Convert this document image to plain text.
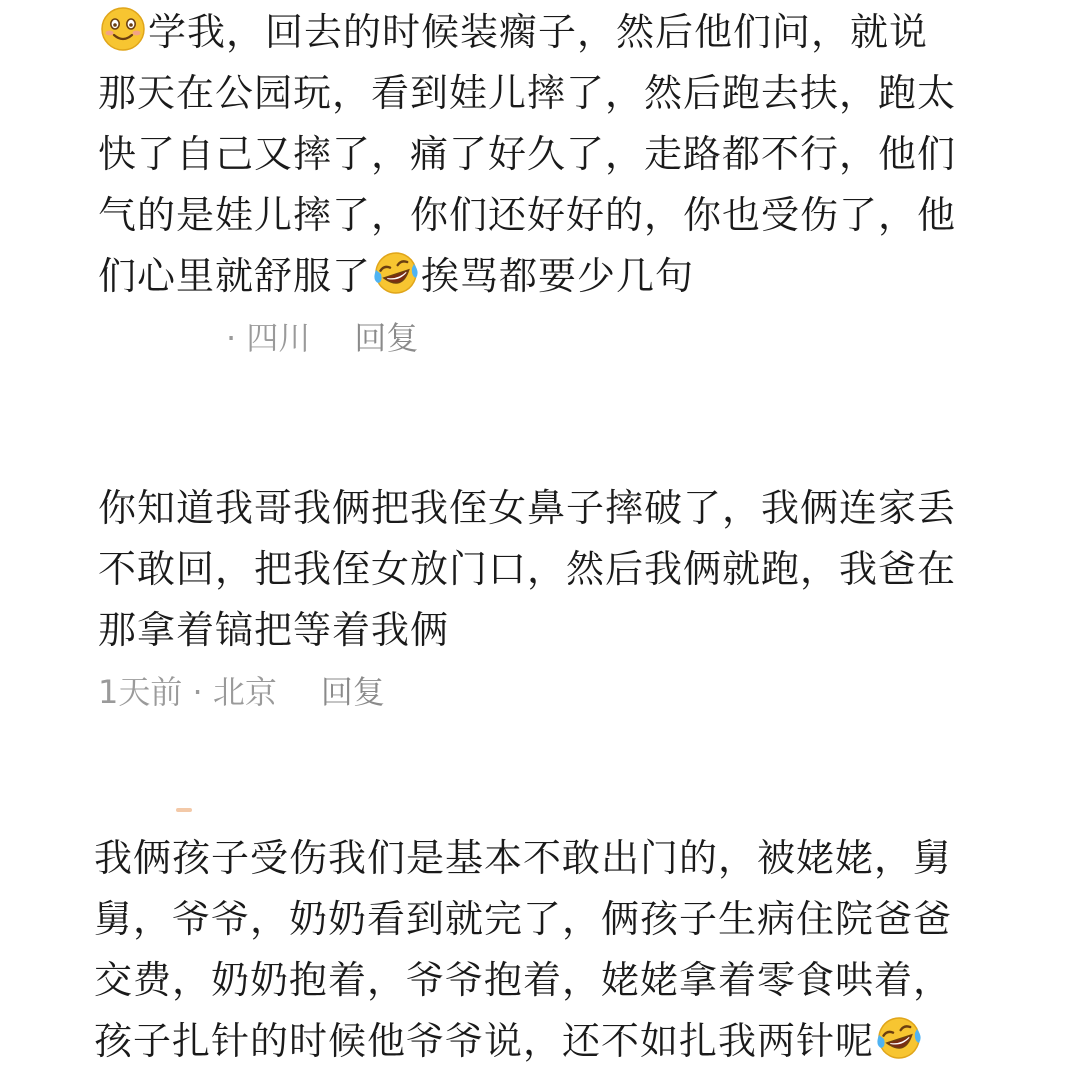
学我，回去的时候装瘸子，然后他们问，就说
那天在公园玩，看到娃儿摔了，然后跑去扶，跑太
快了自己又摔了，痛了好久了，走路都不行，他们
气的是娃儿摔了，你们还好好的，你也受伤了，他
们心里就舒服了 挨骂都要少几句
· 四川 回复
你知道我哥我俩把我侄女鼻子摔破了，我俩连家丢
不敢回，把我侄女放门口，然后我俩就跑，我爸在
那拿着镐把等着我俩
1天前 · 北京 回复
我俩孩子受伤我们是基本不敢出门的，被姥姥，舅
舅，爷爷，奶奶看到就完了，俩孩子生病住院爸爸
交费，奶奶抱着，爷爷抱着，姥姥拿着零食哄着，
孩子扎针的时候他爷爷说，还不如扎我两针呢
